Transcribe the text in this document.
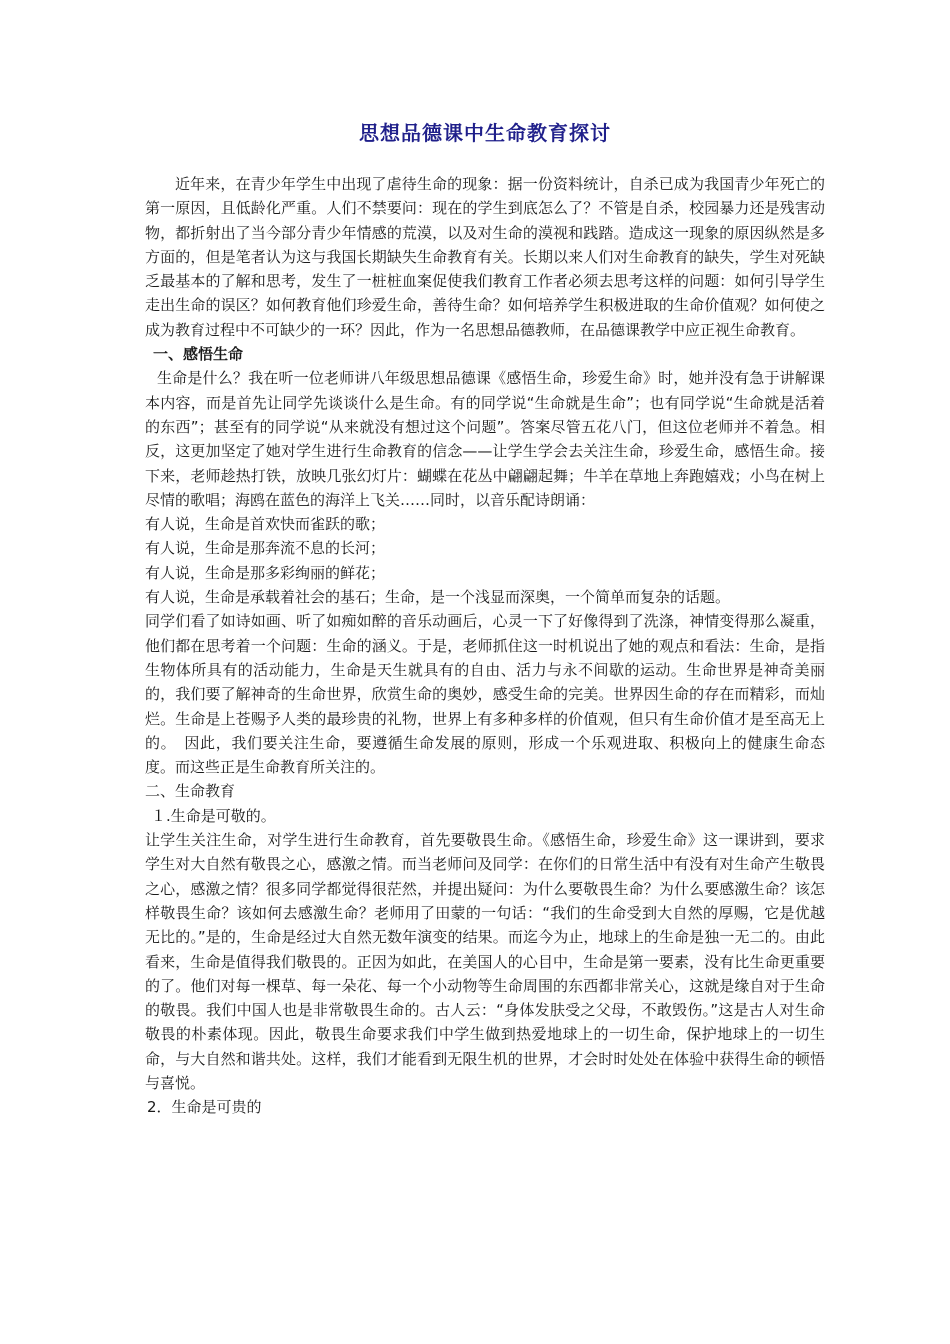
思想品德课中生命教育探讨

近年来，在青少年学生中出现了虐待生命的现象：据一份资料统计，自杀已成为我国青少年死亡的第一原因，且低龄化严重。人们不禁要问：现在的学生到底怎么了？不管是自杀，校园暴力还是残害动物，都折射出了当今部分青少年情感的荒漠，以及对生命的漠视和践踏。造成这一现象的原因纵然是多方面的，但是笔者认为这与我国长期缺失生命教育有关。长期以来人们对生命教育的缺失，学生对死缺乏最基本的了解和思考，发生了一桩桩血案促使我们教育工作者必须去思考这样的问题：如何引导学生走出生命的误区？如何教育他们珍爱生命，善待生命？如何培养学生积极进取的生命价值观？如何使之成为教育过程中不可缺少的一环？因此，作为一名思想品德教师，在品德课教学中应正视生命教育。

一、感悟生命

生命是什么？我在听一位老师讲八年级思想品德课《感悟生命，珍爱生命》时，她并没有急于讲解课本内容，而是首先让同学先谈谈什么是生命。有的同学说“生命就是生命”；也有同学说“生命就是活着的东西”；甚至有的同学说“从来就没有想过这个问题”。答案尽管五花八门，但这位老师并不着急。相反，这更加坚定了她对学生进行生命教育的信念——让学生学会去关注生命，珍爱生命，感悟生命。接下来，老师趁热打铁，放映几张幻灯片：蝴蝶在花丛中翩翩起舞；牛羊在草地上奔跑嬉戏；小鸟在树上尽情的歌唱；海鸥在蓝色的海洋上飞关……同时，以音乐配诗朗诵：

有人说，生命是首欢快而雀跃的歌；

有人说，生命是那奔流不息的长河；

有人说，生命是那多彩绚丽的鲜花；

有人说，生命是承载着社会的基石；生命，是一个浅显而深奥，一个简单而复杂的话题。

同学们看了如诗如画、听了如痴如醉的音乐动画后，心灵一下了好像得到了洗涤，神情变得那么凝重，他们都在思考着一个问题：生命的涵义。于是，老师抓住这一时机说出了她的观点和看法：生命，是指生物体所具有的活动能力，生命是天生就具有的自由、活力与永不间歇的运动。生命世界是神奇美丽的，我们要了解神奇的生命世界，欣赏生命的奥妙，感受生命的完美。世界因生命的存在而精彩，而灿烂。生命是上苍赐予人类的最珍贵的礼物，世界上有多种多样的价值观，但只有生命价值才是至高无上的。　因此，我们要关注生命，要遵循生命发展的原则，形成一个乐观进取、积极向上的健康生命态度。而这些正是生命教育所关注的。

二、生命教育

１.生命是可敬的。

让学生关注生命，对学生进行生命教育，首先要敬畏生命。《感悟生命，珍爱生命》这一课讲到，要求学生对大自然有敬畏之心，感激之情。而当老师问及同学：在你们的日常生活中有没有对生命产生敬畏之心，感激之情？很多同学都觉得很茫然，并提出疑问：为什么要敬畏生命？为什么要感激生命？该怎样敬畏生命？该如何去感激生命？老师用了田蒙的一句话：“我们的生命受到大自然的厚赐，它是优越无比的。”是的，生命是经过大自然无数年演变的结果。而迄今为止，地球上的生命是独一无二的。由此看来，生命是值得我们敬畏的。正因为如此，在美国人的心目中，生命是第一要素，没有比生命更重要的了。他们对每一棵草、每一朵花、每一个小动物等生命周围的东西都非常关心，这就是缘自对于生命的敬畏。我们中国人也是非常敬畏生命的。古人云：“身体发肤受之父母，不敢毁伤。”这是古人对生命敬畏的朴素体现。因此，敬畏生命要求我们中学生做到热爱地球上的一切生命，保护地球上的一切生命，与大自然和谐共处。这样，我们才能看到无限生机的世界，才会时时处处在体验中获得生命的顿悟与喜悦。

2．生命是可贵的
